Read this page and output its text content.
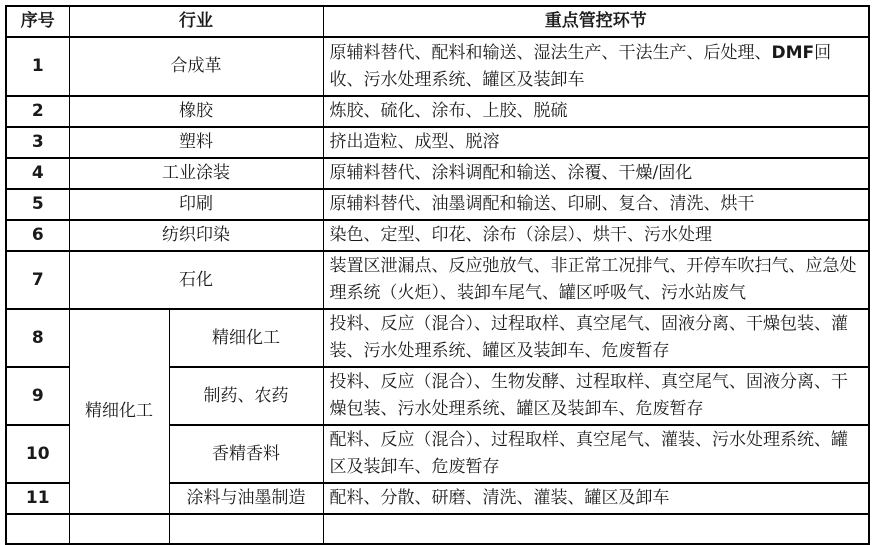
序号	行业		重点管控环节
1	合成革		原辅料替代、配料和输送、湿法生产、干法生产、后处理、DMF回收、污水处理系统、罐区及装卸车
2	橡胶		炼胶、硫化、涂布、上胶、脱硫
3	塑料		挤出造粒、成型、脱溶
4	工业涂装		原辅料替代、涂料调配和输送、涂覆、干燥/固化
5	印刷		原辅料替代、油墨调配和输送、印刷、复合、清洗、烘干
6	纺织印染		染色、定型、印花、涂布（涂层）、烘干、污水处理
7	石化		装置区泄漏点、反应弛放气、非正常工况排气、开停车吹扫气、应急处理系统（火炬）、装卸车尾气、罐区呼吸气、污水站废气
8	精细化工	精细化工	投料、反应（混合）、过程取样、真空尾气、固液分离、干燥包装、灌装、污水处理系统、罐区及装卸车、危废暂存
9		制药、农药	投料、反应（混合）、生物发酵、过程取样、真空尾气、固液分离、干燥包装、污水处理系统、罐区及装卸车、危废暂存
10		香精香料	配料、反应（混合）、过程取样、真空尾气、灌装、污水处理系统、罐区及装卸车、危废暂存
11		涂料与油墨制造	配料、分散、研磨、清洗、灌装、罐区及卸车
